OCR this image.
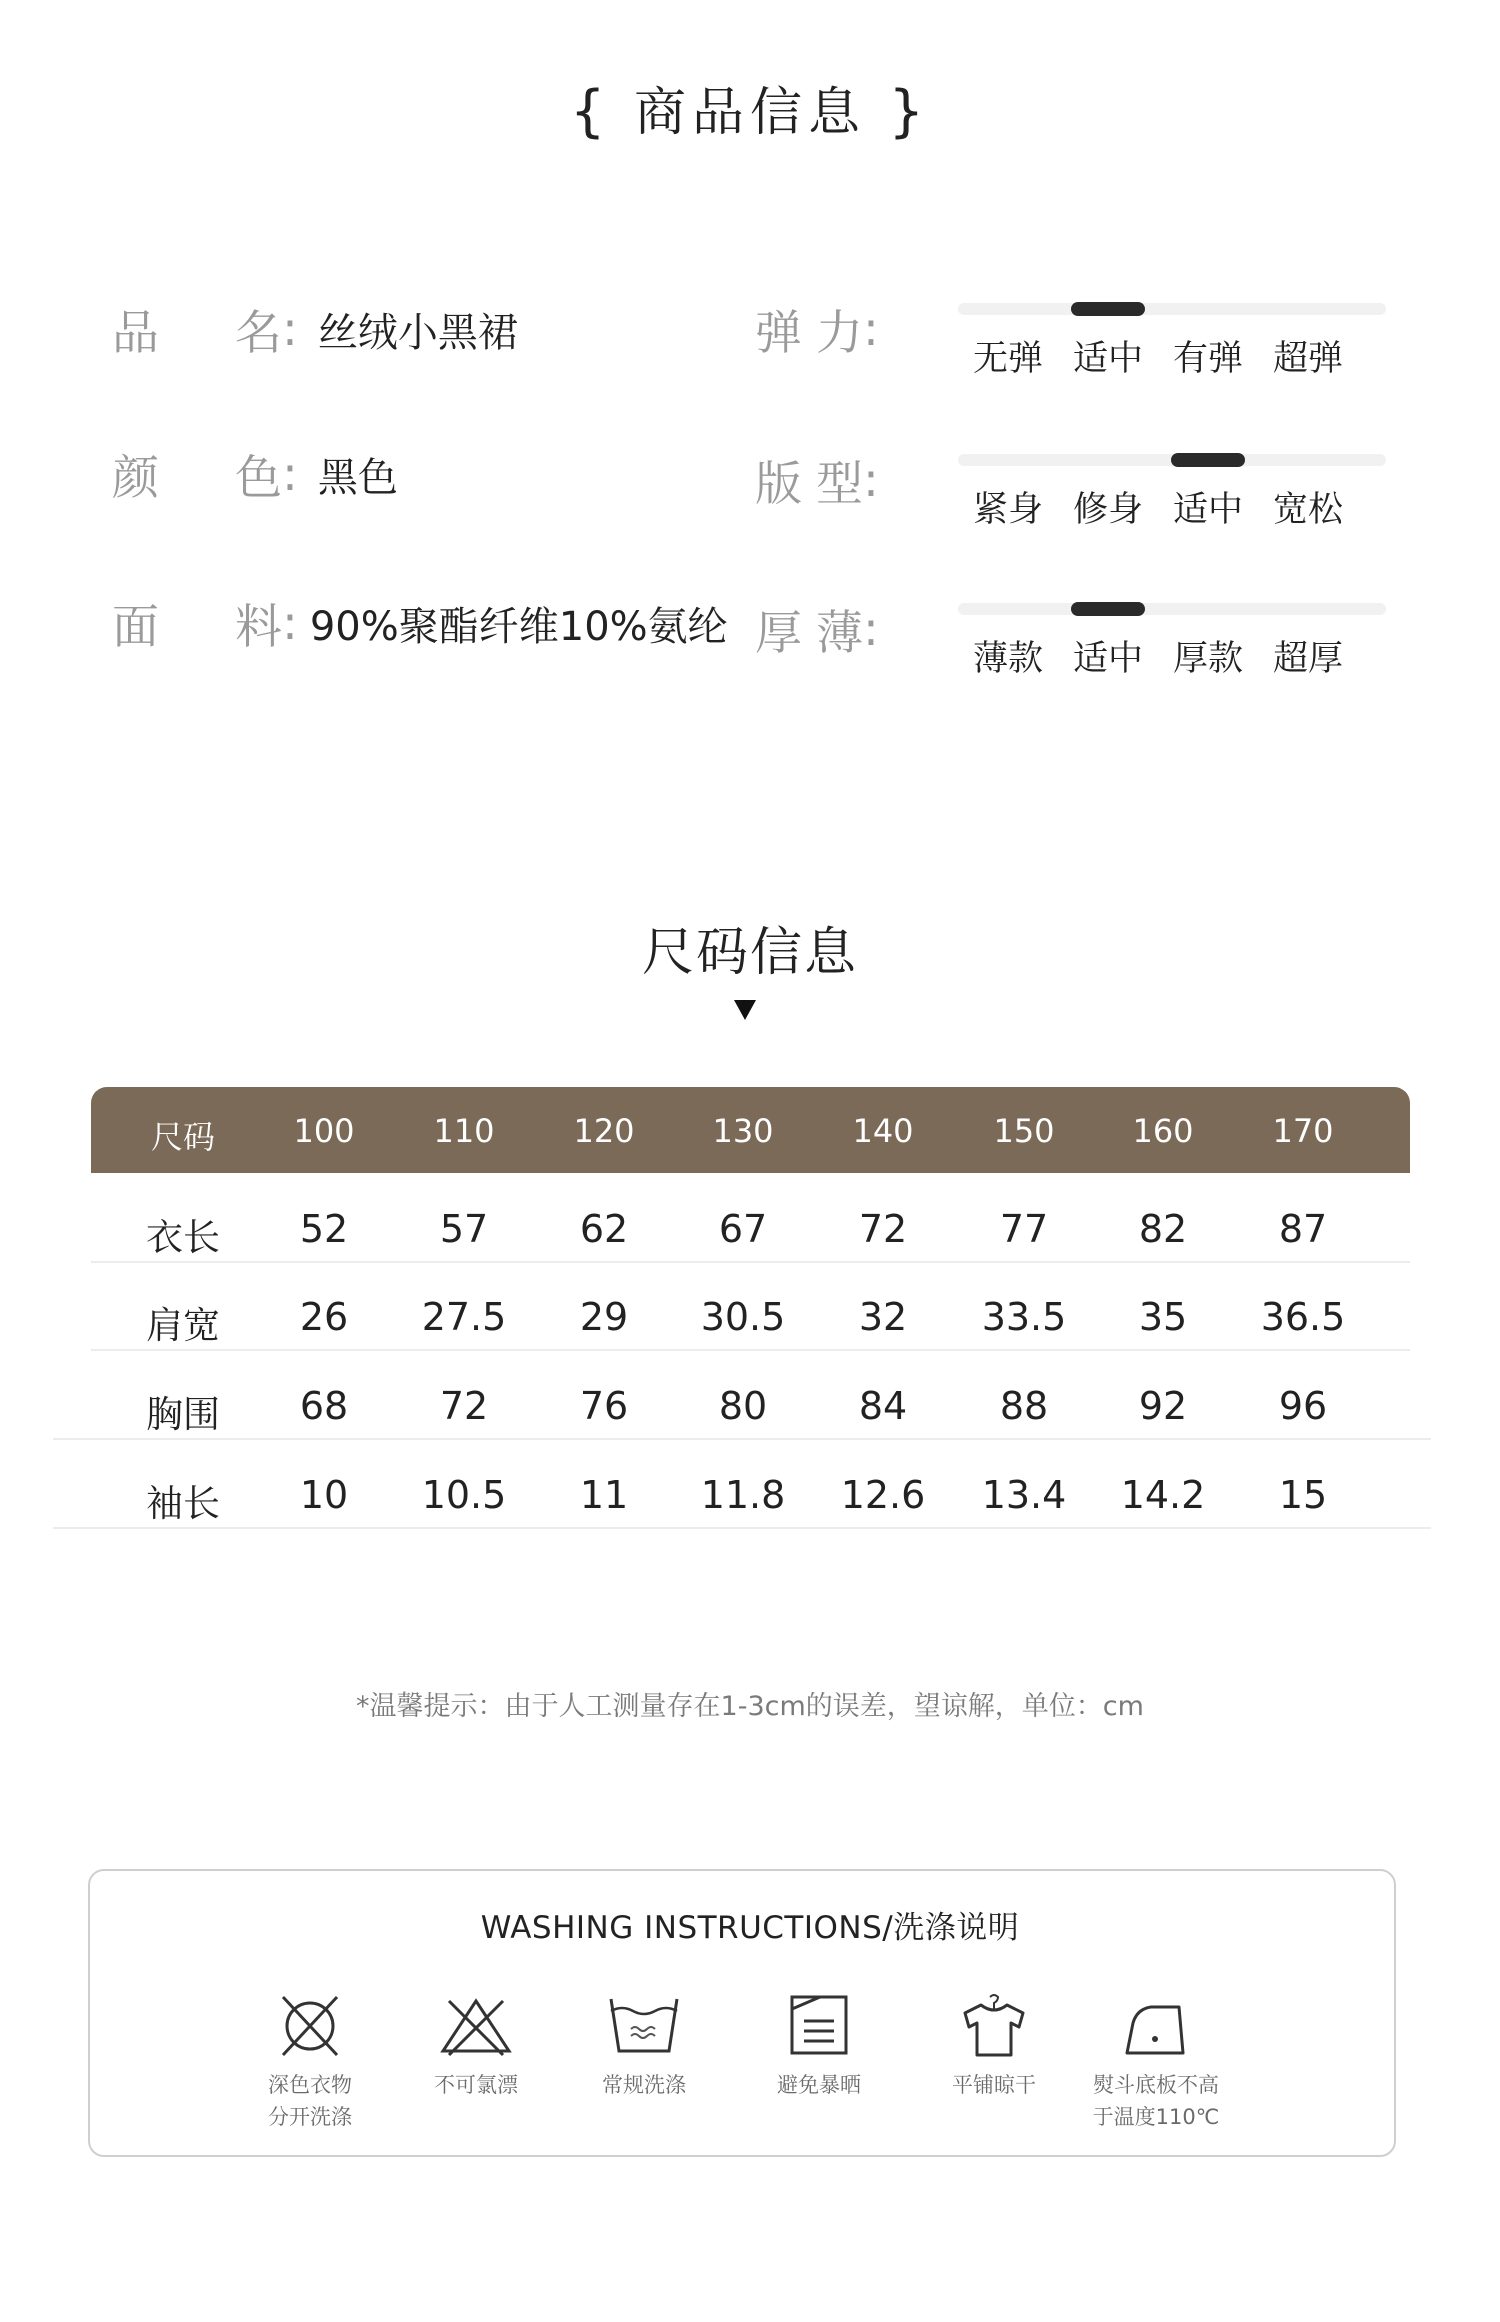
{ 商品信息 }
品 名 : 丝绒小黑裙
颜 色 : 黑色
面 料 : 90%聚酯纤维10%氨纶
弹 力 :
无弹 适中 有弹 超弹
版 型 :
紧身 修身 适中 宽松
厚 薄 :
薄款 适中 厚款 超厚
尺码信息
尺码	100	110	120	130	140	150	160	170
衣长	52	57	62	67	72	77	82	87
肩宽	26	27.5	29	30.5	32	33.5	35	36.5
胸围	68	72	76	80	84	88	92	96
袖长	10	10.5	11	11.8	12.6	13.4	14.2	15
*温馨提示：由于人工测量存在1-3cm的误差，望谅解，单位：cm
WASHING INSTRUCTIONS/洗涤说明
深色衣物
分开洗涤
不可氯漂	常规洗涤	避免暴晒	平铺晾干	熨斗底板不高
于温度110℃
